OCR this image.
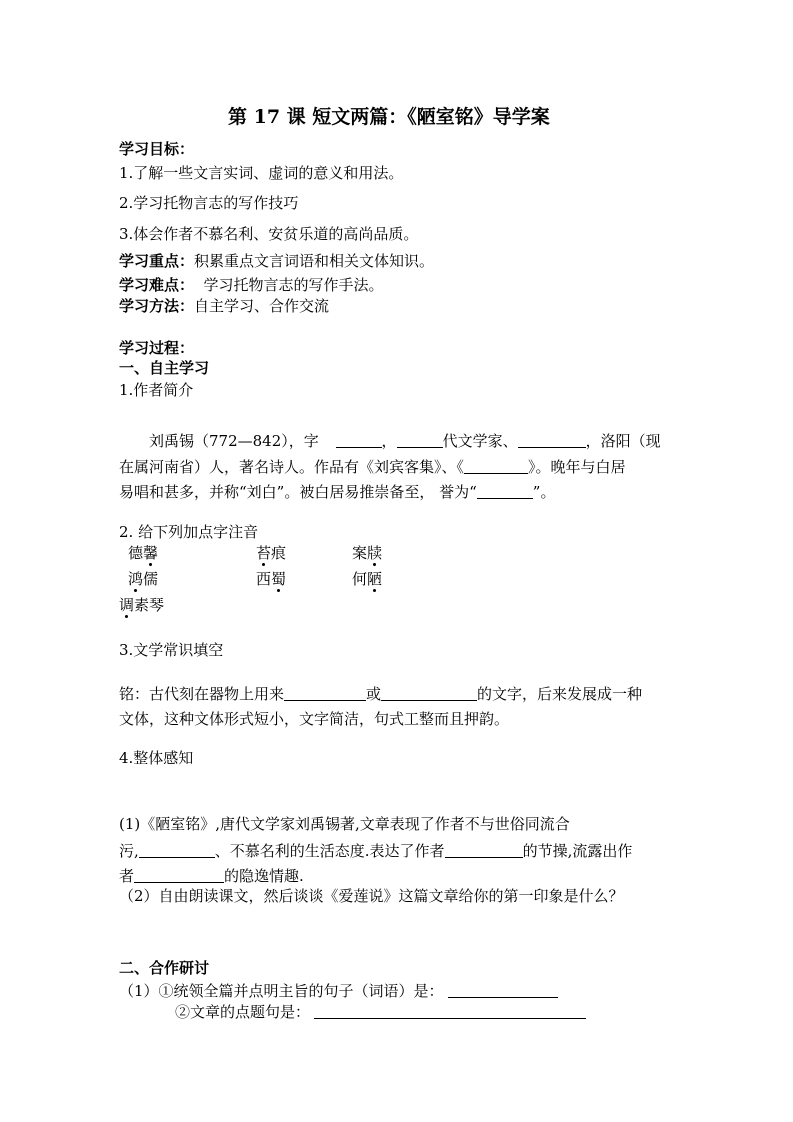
第 17 课 短文两篇：《陋室铭》导学案
学习目标：
1.了解一些文言实词、虚词的意义和用法。
2.学习托物言志的写作技巧
3.体会作者不慕名利、安贫乐道的高尚品质。
学习重点：积累重点文言词语和相关文体知识。
学习难点：  学习托物言志的写作手法。
学习方法：自主学习、合作交流
学习过程：
一、自主学习
1.作者简介
刘禹锡（772—842），字	，	代文学家、	，洛阳（现
在属河南省）人，著名诗人。作品有《刘宾客集》、《	》。晚年与白居
易唱和甚多，并称“刘白”。被白居易推崇备至， 誉为“	”。
2. 给下列加点字注音
德馨	苔痕	案牍
鸿儒	西蜀	何陋
调素琴
3.文学常识填空
铭：古代刻在器物上用来	或	的文字，后来发展成一种
文体，这种文体形式短小，文字简洁，句式工整而且押韵。
4.整体感知
(1)《陋室铭》,唐代文学家刘禹锡著,文章表现了作者不与世俗同流合
污,	、不慕名利的生活态度.表达了作者	的节操,流露出作
者	的隐逸情趣.
（2）自由朗读课文，然后谈谈《爱莲说》这篇文章给你的第一印象是什么？
二、合作研讨
（1）①统领全篇并点明主旨的句子（词语）是：
②文章的点题句是：
